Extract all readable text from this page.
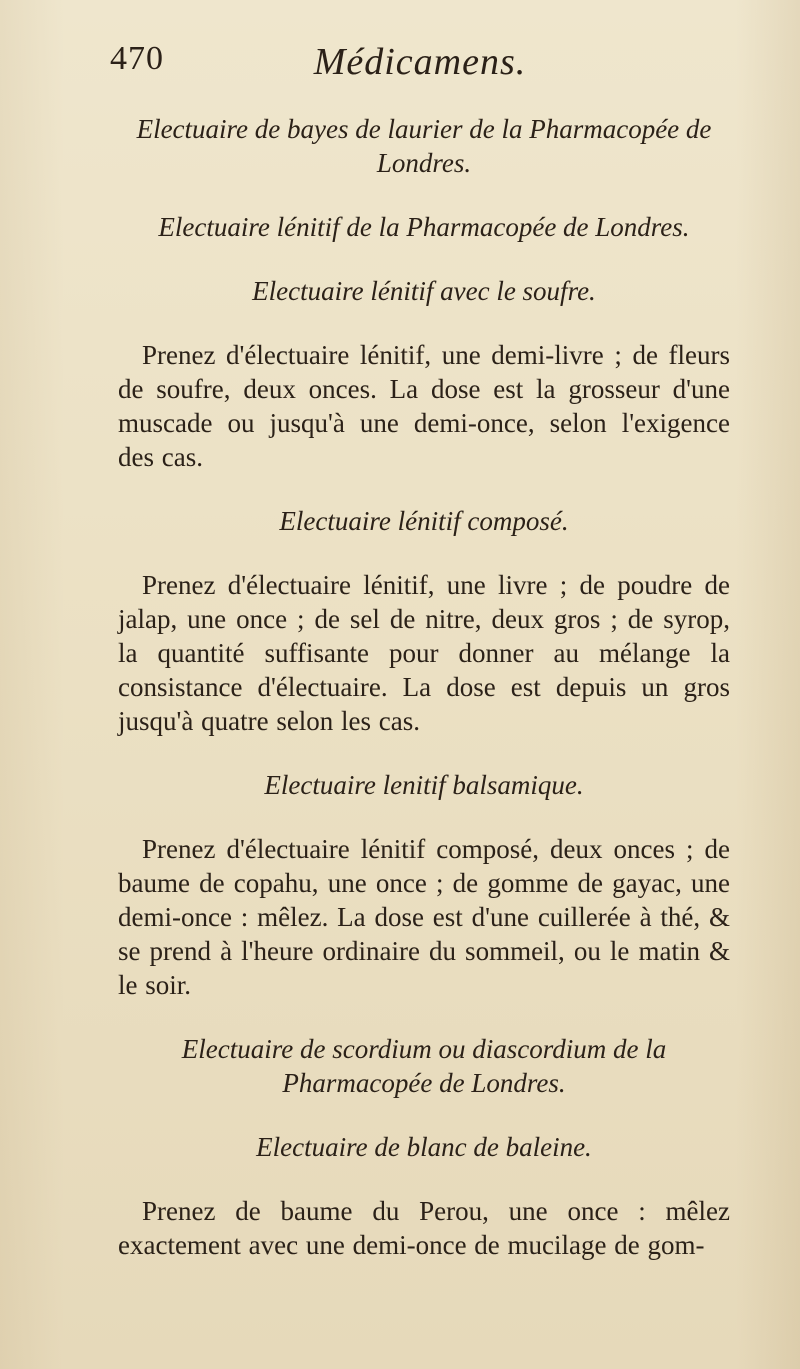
470	Médicamens.

Electuaire de bayes de laurier de la Pharmacopée de Londres.

Electuaire lénitif de la Pharmacopée de Londres.

Electuaire lénitif avec le soufre.

Prenez d'électuaire lénitif, une demi-livre ; de fleurs de soufre, deux onces. La dose est la grosseur d'une muscade ou jusqu'à une demi-once, selon l'exigence des cas.

Electuaire lénitif composé.

Prenez d'électuaire lénitif, une livre ; de poudre de jalap, une once ; de sel de nitre, deux gros ; de syrop, la quantité suffisante pour donner au mélange la consistance d'électuaire. La dose est depuis un gros jusqu'à quatre selon les cas.

Electuaire lenitif balsamique.

Prenez d'électuaire lénitif composé, deux onces ; de baume de copahu, une once ; de gomme de gayac, une demi-once : mêlez. La dose est d'une cuillerée à thé, & se prend à l'heure ordinaire du sommeil, ou le matin & le soir.

Electuaire de scordium ou diascordium de la Pharmacopée de Londres.

Electuaire de blanc de baleine.

Prenez de baume du Perou, une once : mêlez exactement avec une demi-once de mucilage de gom-
